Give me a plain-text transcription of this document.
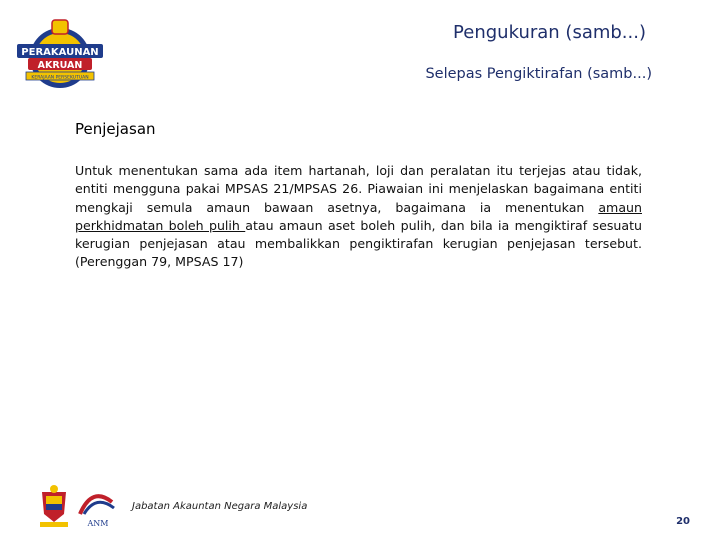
PERAKAUNAN
AKRUAN
KERAJAAN PERSEKUTUAN
Pengukuran (samb...)
Selepas Pengiktirafan (samb...)
Penjejasan
Untuk menentukan sama ada item hartanah, loji dan peralatan itu terjejas atau tidak, entiti mengguna pakai MPSAS 21/MPSAS 26. Piawaian ini menjelaskan bagaimana entiti mengkaji semula amaun bawaan asetnya, bagaimana ia menentukan amaun perkhidmatan boleh pulih atau amaun aset boleh pulih, dan bila ia mengiktiraf sesuatu kerugian penjejasan atau membalikkan pengiktirafan kerugian penjejasan tersebut. (Perenggan 79, MPSAS 17)
ANM
Jabatan Akauntan Negara Malaysia
20
